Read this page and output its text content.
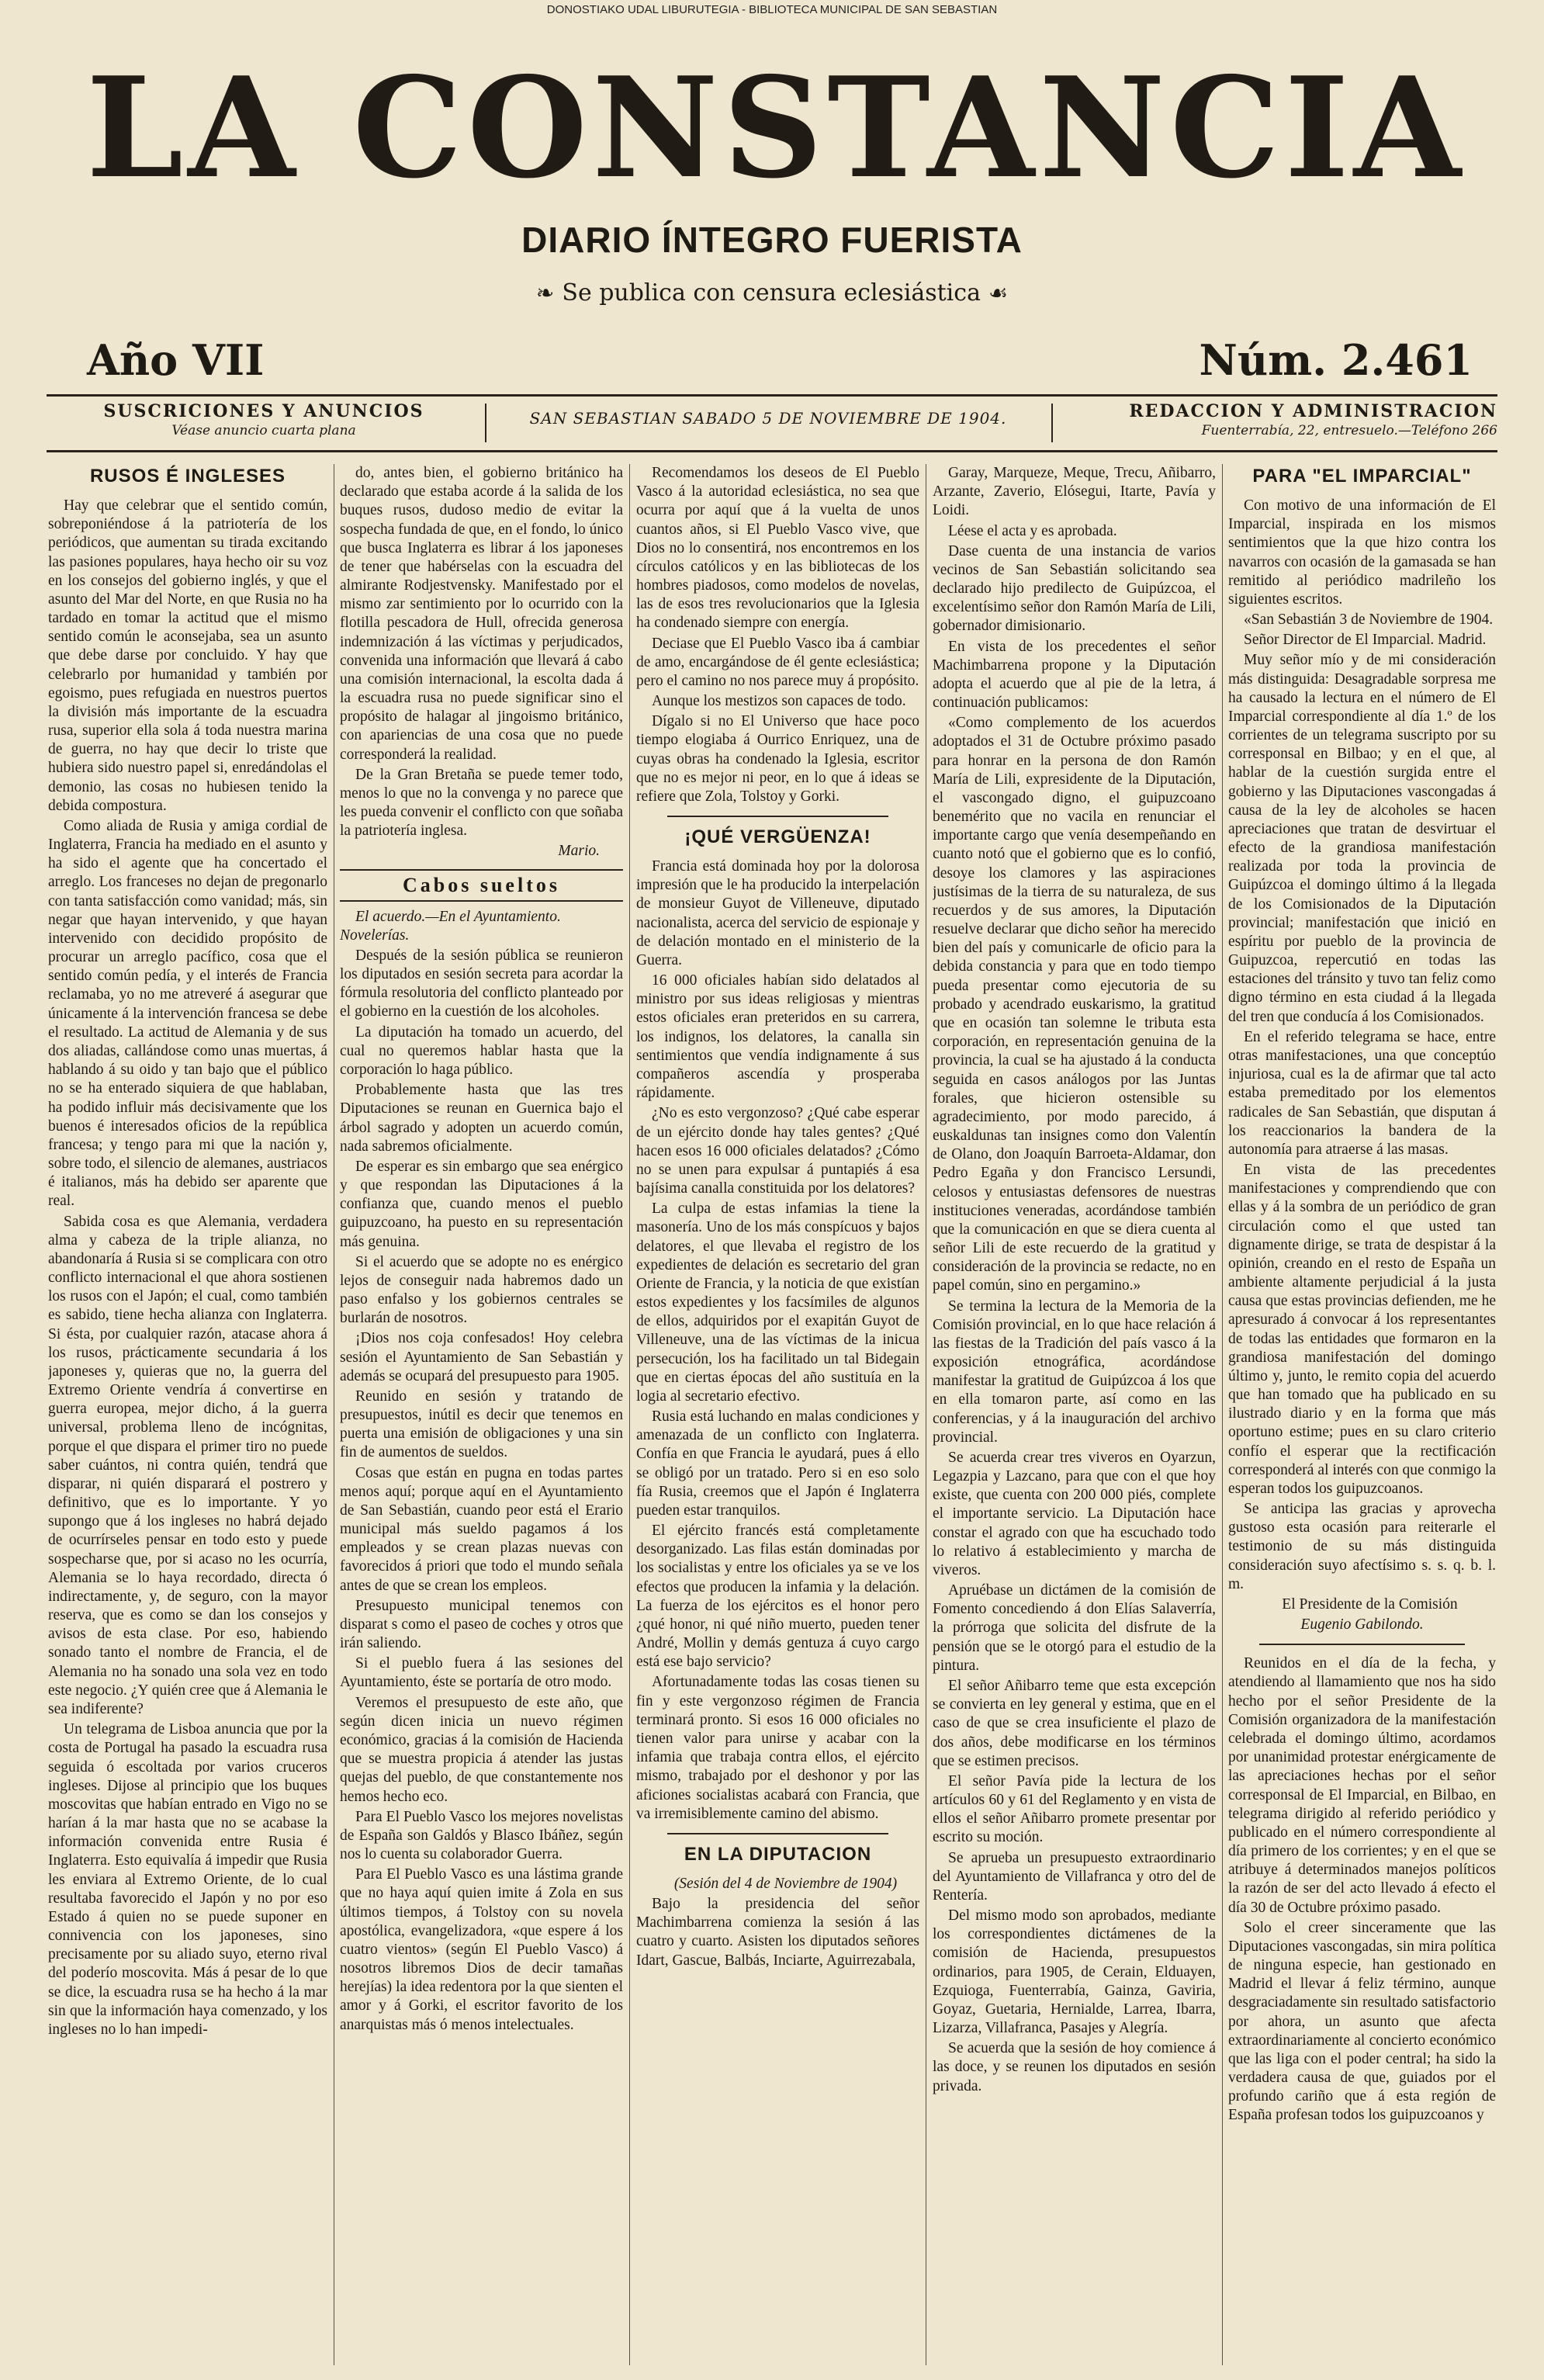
DONOSTIAKO UDAL LIBURUTEGIA - BIBLIOTECA MUNICIPAL DE SAN SEBASTIAN
LA CONSTANCIA
DIARIO ÍNTEGRO FUERISTA
❧ Se publica con censura eclesiástica ☙
Año VII	Núm. 2.461
SUSCRICIONES Y ANUNCIOS
Véase anuncio cuarta plana
SAN SEBASTIAN SABADO 5 DE NOVIEMBRE DE 1904.	REDACCION Y ADMINISTRACION
Fuenterrabía, 22, entresuelo.—Teléfono 266
RUSOS É INGLESES

Hay que celebrar que el sentido común, sobreponiéndose á la patriotería de los periódicos, que aumentan su tirada excitando las pasiones populares, haya hecho oir su voz en los consejos del gobierno inglés, y que el asunto del Mar del Norte, en que Rusia no ha tardado en tomar la actitud que el mismo sentido común le aconsejaba, sea un asunto que debe darse por concluido. Y hay que celebrarlo por humanidad y también por egoismo, pues refugiada en nuestros puertos la división más importante de la escuadra rusa, superior ella sola á toda nuestra marina de guerra, no hay que decir lo triste que hubiera sido nuestro papel si, enredándolas el demonio, las cosas no hubiesen tenido la debida compostura.

Como aliada de Rusia y amiga cordial de Inglaterra, Francia ha mediado en el asunto y ha sido el agente que ha concertado el arreglo. Los franceses no dejan de pregonarlo con tanta satisfacción como vanidad; más, sin negar que hayan intervenido, y que hayan intervenido con decidido propósito de procurar un arreglo pacífico, cosa que el sentido común pedía, y el interés de Francia reclamaba, yo no me atreveré á asegurar que únicamente á la intervención francesa se debe el resultado. La actitud de Alemania y de sus dos aliadas, callándose como unas muertas, á hablando á su oido y tan bajo que el público no se ha enterado siquiera de que hablaban, ha podido influir más decisivamente que los buenos é interesados oficios de la república francesa; y tengo para mi que la nación y, sobre todo, el silencio de alemanes, austriacos é italianos, más ha debido ser aparente que real.

Sabida cosa es que Alemania, verdadera alma y cabeza de la triple alianza, no abandonaría á Rusia si se complicara con otro conflicto internacional el que ahora sostienen los rusos con el Japón; el cual, como también es sabido, tiene hecha alianza con Inglaterra. Si ésta, por cualquier razón, atacase ahora á los rusos, prácticamente secundaria á los japoneses y, quieras que no, la guerra del Extremo Oriente vendría á convertirse en guerra europea, mejor dicho, á la guerra universal, problema lleno de incógnitas, porque el que dispara el primer tiro no puede saber cuántos, ni contra quién, tendrá que disparar, ni quién disparará el postrero y definitivo, que es lo importante. Y yo supongo que á los ingleses no habrá dejado de ocurrírseles pensar en todo esto y puede sospecharse que, por si acaso no les ocurría, Alemania se lo haya recordado, directa ó indirectamente, y, de seguro, con la mayor reserva, que es como se dan los consejos y avisos de esta clase. Por eso, habiendo sonado tanto el nombre de Francia, el de Alemania no ha sonado una sola vez en todo este negocio. ¿Y quién cree que á Alemania le sea indiferente?

Un telegrama de Lisboa anuncia que por la costa de Portugal ha pasado la escuadra rusa seguida ó escoltada por varios cruceros ingleses. Dijose al principio que los buques moscovitas que habían entrado en Vigo no se harían á la mar hasta que no se acabase la información convenida entre Rusia é Inglaterra. Esto equivalía á impedir que Rusia les enviara al Extremo Oriente, de lo cual resultaba favorecido el Japón y no por eso Estado á quien no se puede suponer en connivencia con los japoneses, sino precisamente por su aliado suyo, eterno rival del poderío moscovita. Más á pesar de lo que se dice, la escuadra rusa se ha hecho á la mar sin que la información haya comenzado, y los ingleses no lo han impedi-

do, antes bien, el gobierno británico ha declarado que estaba acorde á la salida de los buques rusos, dudoso medio de evitar la sospecha fundada de que, en el fondo, lo único que busca Inglaterra es librar á los japoneses de tener que habérselas con la escuadra del almirante Rodjestvensky. Manifestado por el mismo zar sentimiento por lo ocurrido con la flotilla pescadora de Hull, ofrecida generosa indemnización á las víctimas y perjudicados, convenida una información que llevará á cabo una comisión internacional, la escolta dada á la escuadra rusa no puede significar sino el propósito de halagar al jingoismo británico, con apariencias de una cosa que no puede corresponderá la realidad.

De la Gran Bretaña se puede temer todo, menos lo que no la convenga y no parece que les pueda convenir el conflicto con que soñaba la patriotería inglesa.

Mario.
Cabos sueltos

El acuerdo.—En el Ayuntamiento. Novelerías.

Después de la sesión pública se reunieron los diputados en sesión secreta para acordar la fórmula resolutoria del conflicto planteado por el gobierno en la cuestión de los alcoholes.

La diputación ha tomado un acuerdo, del cual no queremos hablar hasta que la corporación lo haga público.

Probablemente hasta que las tres Diputaciones se reunan en Guernica bajo el árbol sagrado y adopten un acuerdo común, nada sabremos oficialmente.

De esperar es sin embargo que sea enérgico y que respondan las Diputaciones á la confianza que, cuando menos el pueblo guipuzcoano, ha puesto en su representación más genuina.

Si el acuerdo que se adopte no es enérgico lejos de conseguir nada habremos dado un paso enfalso y los gobiernos centrales se burlarán de nosotros.

¡Dios nos coja confesados! Hoy celebra sesión el Ayuntamiento de San Sebastián y además se ocupará del presupuesto para 1905.

Reunido en sesión y tratando de presupuestos, inútil es decir que tenemos en puerta una emisión de obligaciones y una sin fin de aumentos de sueldos.

Cosas que están en pugna en todas partes menos aquí; porque aquí en el Ayuntamiento de San Sebastián, cuando peor está el Erario municipal más sueldo pagamos á los empleados y se crean plazas nuevas con favorecidos á priori que todo el mundo señala antes de que se crean los empleos.

Presupuesto municipal tenemos con disparat s como el paseo de coches y otros que irán saliendo.

Si el pueblo fuera á las sesiones del Ayuntamiento, éste se portaría de otro modo.

Veremos el presupuesto de este año, que según dicen inicia un nuevo régimen económico, gracias á la comisión de Hacienda que se muestra propicia á atender las justas quejas del pueblo, de que constantemente nos hemos hecho eco.

Para El Pueblo Vasco los mejores novelistas de España son Galdós y Blasco Ibáñez, según nos lo cuenta su colaborador Guerra.

Para El Pueblo Vasco es una lástima grande que no haya aquí quien imite á Zola en sus últimos tiempos, á Tolstoy con su novela apostólica, evangelizadora, «que espere á los cuatro vientos» (según El Pueblo Vasco) á nosotros libremos Dios de decir tamañas herejías) la idea redentora por la que sienten el amor y á Gorki, el escritor favorito de los anarquistas más ó menos intelectuales.

Recomendamos los deseos de El Pueblo Vasco á la autoridad eclesiástica, no sea que ocurra por aquí que á la vuelta de unos cuantos años, si El Pueblo Vasco vive, que Dios no lo consentirá, nos encontremos en los círculos católicos y en las bibliotecas de los hombres piadosos, como modelos de novelas, las de esos tres revolucionarios que la Iglesia ha condenado siempre con energía.

Deciase que El Pueblo Vasco iba á cambiar de amo, encargándose de él gente eclesiástica; pero el camino no nos parece muy á propósito.

Aunque los mestizos son capaces de todo.

Dígalo si no El Universo que hace poco tiempo elogiaba á Ourrico Enriquez, una de cuyas obras ha condenado la Iglesia, escritor que no es mejor ni peor, en lo que á ideas se refiere que Zola, Tolstoy y Gorki.

¡QUÉ VERGÜENZA!

Francia está dominada hoy por la dolorosa impresión que le ha producido la interpelación de monsieur Guyot de Villeneuve, diputado nacionalista, acerca del servicio de espionaje y de delación montado en el ministerio de la Guerra.

16 000 oficiales habían sido delatados al ministro por sus ideas religiosas y mientras estos oficiales eran preteridos en su carrera, los indignos, los delatores, la canalla sin sentimientos que vendía indignamente á sus compañeros ascendía y prosperaba rápidamente.

¿No es esto vergonzoso? ¿Qué cabe esperar de un ejército donde hay tales gentes? ¿Qué hacen esos 16 000 oficiales delatados? ¿Cómo no se unen para expulsar á puntapiés á esa bajísima canalla constituida por los delatores?

La culpa de estas infamias la tiene la masonería. Uno de los más conspícuos y bajos delatores, el que llevaba el registro de los expedientes de delación es secretario del gran Oriente de Francia, y la noticia de que existían estos expedientes y los facsímiles de algunos de ellos, adquiridos por el exapitán Guyot de Villeneuve, una de las víctimas de la inicua persecución, los ha facilitado un tal Bidegain que en ciertas épocas del año sustituía en la logia al secretario efectivo.

Rusia está luchando en malas condiciones y amenazada de un conflicto con Inglaterra. Confía en que Francia le ayudará, pues á ello se obligó por un tratado. Pero si en eso solo fía Rusia, creemos que el Japón é Inglaterra pueden estar tranquilos.

El ejército francés está completamente desorganizado. Las filas están dominadas por los socialistas y entre los oficiales ya se ve los efectos que producen la infamia y la delación. La fuerza de los ejércitos es el honor pero ¿qué honor, ni qué niño muerto, pueden tener André, Mollin y demás gentuza á cuyo cargo está ese bajo servicio?

Afortunadamente todas las cosas tienen su fin y este vergonzoso régimen de Francia terminará pronto. Si esos 16 000 oficiales no tienen valor para unirse y acabar con la infamia que trabaja contra ellos, el ejército mismo, trabajado por el deshonor y por las aficiones socialistas acabará con Francia, que va irremisiblemente camino del abismo.

EN LA DIPUTACION

(Sesión del 4 de Noviembre de 1904)

Bajo la presidencia del señor Machimbarrena comienza la sesión á las cuatro y cuarto. Asisten los diputados señores Idart, Gascue, Balbás, Inciarte, Aguirrezabala,

Garay, Marqueze, Meque, Trecu, Añibarro, Arzante, Zaverio, Elósegui, Itarte, Pavía y Loidi.

Léese el acta y es aprobada.

Dase cuenta de una instancia de varios vecinos de San Sebastián solicitando sea declarado hijo predilecto de Guipúzcoa, el excelentísimo señor don Ramón María de Lili, gobernador dimisionario.

En vista de los precedentes el señor Machimbarrena propone y la Diputación adopta el acuerdo que al pie de la letra, á continuación publicamos:

«Como complemento de los acuerdos adoptados el 31 de Octubre próximo pasado para honrar en la persona de don Ramón María de Lili, expresidente de la Diputación, el vascongado digno, el guipuzcoano benemérito que no vacila en renunciar el importante cargo que venía desempeñando en cuanto notó que el gobierno que es lo confió, desoye los clamores y las aspiraciones justísimas de la tierra de su naturaleza, de sus recuerdos y de sus amores, la Diputación resuelve declarar que dicho señor ha merecido bien del país y comunicarle de oficio para la debida constancia y para que en todo tiempo pueda presentar como ejecutoria de su probado y acendrado euskarismo, la gratitud que en ocasión tan solemne le tributa esta corporación, en representación genuina de la provincia, la cual se ha ajustado á la conducta seguida en casos análogos por las Juntas forales, que hicieron ostensible su agradecimiento, por modo parecido, á euskaldunas tan insignes como don Valentín de Olano, don Joaquín Barroeta-Aldamar, don Pedro Egaña y don Francisco Lersundi, celosos y entusiastas defensores de nuestras instituciones veneradas, acordándose también que la comunicación en que se diera cuenta al señor Lili de este recuerdo de la gratitud y consideración de la provincia se redacte, no en papel común, sino en pergamino.»

Se termina la lectura de la Memoria de la Comisión provincial, en lo que hace relación á las fiestas de la Tradición del país vasco á la exposición etnográfica, acordándose manifestar la gratitud de Guipúzcoa á los que en ella tomaron parte, así como en las conferencias, y á la inauguración del archivo provincial.

Se acuerda crear tres viveros en Oyarzun, Legazpia y Lazcano, para que con el que hoy existe, que cuenta con 200 000 piés, complete el importante servicio. La Diputación hace constar el agrado con que ha escuchado todo lo relativo á establecimiento y marcha de viveros.

Apruébase un dictámen de la comisión de Fomento concediendo á don Elías Salaverría, la prórroga que solicita del disfrute de la pensión que se le otorgó para el estudio de la pintura.

El señor Añibarro teme que esta excepción se convierta en ley general y estima, que en el caso de que se crea insuficiente el plazo de dos años, debe modificarse en los términos que se estimen precisos.

El señor Pavía pide la lectura de los artículos 60 y 61 del Reglamento y en vista de ellos el señor Añibarro promete presentar por escrito su moción.

Se aprueba un presupuesto extraordinario del Ayuntamiento de Villafranca y otro del de Rentería.

Del mismo modo son aprobados, mediante los correspondientes dictámenes de la comisión de Hacienda, presupuestos ordinarios, para 1905, de Cerain, Elduayen, Ezquioga, Fuenterrabía, Gainza, Gaviria, Goyaz, Guetaria, Hernialde, Larrea, Ibarra, Lizarza, Villafranca, Pasajes y Alegría.

Se acuerda que la sesión de hoy comience á las doce, y se reunen los diputados en sesión privada.

PARA "EL IMPARCIAL"

Con motivo de una información de El Imparcial, inspirada en los mismos sentimientos que la que hizo contra los navarros con ocasión de la gamasada se han remitido al periódico madrileño los siguientes escritos.

«San Sebastián 3 de Noviembre de 1904.

Señor Director de El Imparcial. Madrid.

Muy señor mío y de mi consideración más distinguida: Desagradable sorpresa me ha causado la lectura en el número de El Imparcial correspondiente al día 1.º de los corrientes de un telegrama suscripto por su corresponsal en Bilbao; y en el que, al hablar de la cuestión surgida entre el gobierno y las Diputaciones vascongadas á causa de la ley de alcoholes se hacen apreciaciones que tratan de desvirtuar el efecto de la grandiosa manifestación realizada por toda la provincia de Guipúzcoa el domingo último á la llegada de los Comisionados de la Diputación provincial; manifestación que inició en espíritu por pueblo de la provincia de Guipuzcoa, repercutió en todas las estaciones del tránsito y tuvo tan feliz como digno término en esta ciudad á la llegada del tren que conducía á los Comisionados.

En el referido telegrama se hace, entre otras manifestaciones, una que conceptúo injuriosa, cual es la de afirmar que tal acto estaba premeditado por los elementos radicales de San Sebastián, que disputan á los reaccionarios la bandera de la autonomía para atraerse á las masas.

En vista de las precedentes manifestaciones y comprendiendo que con ellas y á la sombra de un periódico de gran circulación como el que usted tan dignamente dirige, se trata de despistar á la opinión, creando en el resto de España un ambiente altamente perjudicial á la justa causa que estas provincias defienden, me he apresurado á convocar á los representantes de todas las entidades que formaron en la grandiosa manifestación del domingo último y, junto, le remito copia del acuerdo que han tomado que ha publicado en su ilustrado diario y en la forma que más oportuno estime; pues en su claro criterio confío el esperar que la rectificación corresponderá al interés con que conmigo la esperan todos los guipuzcoanos.

Se anticipa las gracias y aprovecha gustoso esta ocasión para reiterarle el testimonio de su más distinguida consideración suyo afectísimo s. s. q. b. l. m.

El Presidente de la Comisión

Eugenio Gabilondo.

Reunidos en el día de la fecha, y atendiendo al llamamiento que nos ha sido hecho por el señor Presidente de la Comisión organizadora de la manifestación celebrada el domingo último, acordamos por unanimidad protestar enérgicamente de las apreciaciones hechas por el señor corresponsal de El Imparcial, en Bilbao, en telegrama dirigido al referido periódico y publicado en el número correspondiente al día primero de los corrientes; y en el que se atribuye á determinados manejos políticos la razón de ser del acto llevado á efecto el día 30 de Octubre próximo pasado.

Solo el creer sinceramente que las Diputaciones vascongadas, sin mira política de ninguna especie, han gestionado en Madrid el llevar á feliz término, aunque desgraciadamente sin resultado satisfactorio por ahora, un asunto que afecta extraordinariamente al concierto económico que las liga con el poder central; ha sido la verdadera causa de que, guiados por el profundo cariño que á esta región de España profesan todos los guipuzcoanos y
